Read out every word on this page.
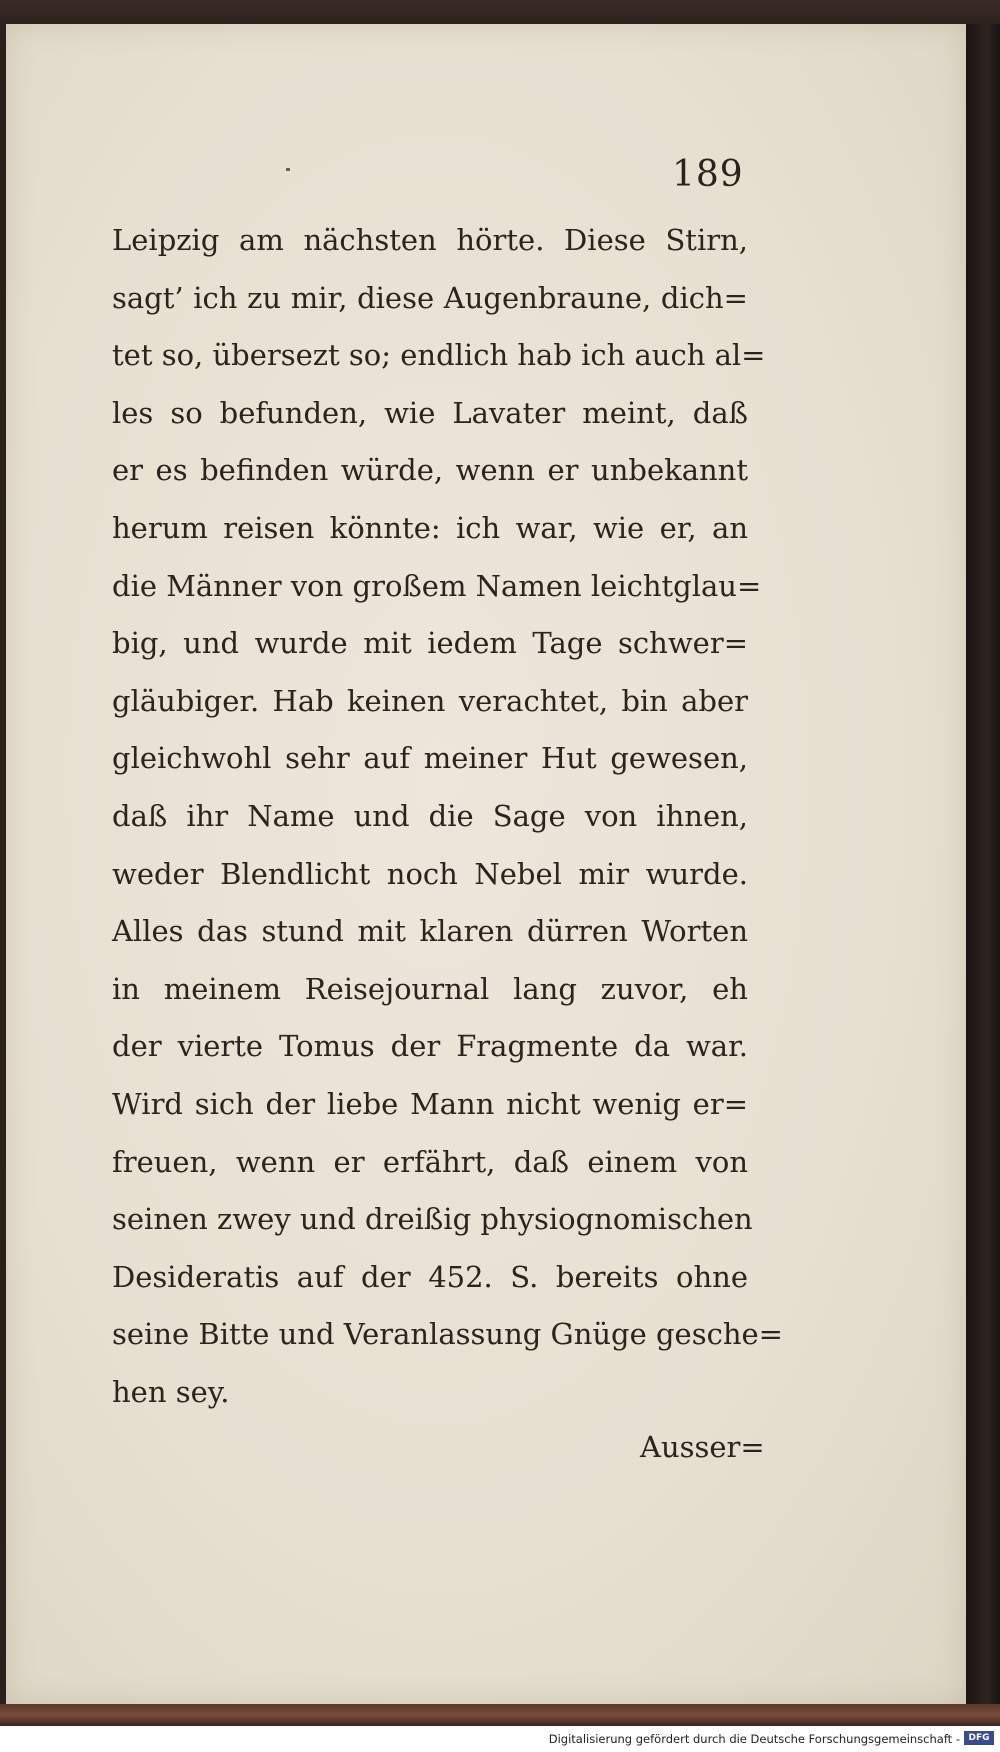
189
Leipzig am nächsten hörte. Diese Stirn,
sagt’ ich zu mir, diese Augenbraune, dich=
tet so, übersezt so; endlich hab ich auch al=
les so befunden, wie Lavater meint, daß
er es befinden würde, wenn er unbekannt
herum reisen könnte: ich war, wie er, an
die Männer von großem Namen leichtglau=
big, und wurde mit iedem Tage schwer=
gläubiger. Hab keinen verachtet, bin aber
gleichwohl sehr auf meiner Hut gewesen,
daß ihr Name und die Sage von ihnen,
weder Blendlicht noch Nebel mir wurde.
Alles das stund mit klaren dürren Worten
in meinem Reisejournal lang zuvor, eh
der vierte Tomus der Fragmente da war.
Wird sich der liebe Mann nicht wenig er=
freuen, wenn er erfährt, daß einem von
seinen zwey und dreißig physiognomischen
Desideratis auf der 452. S. bereits ohne
seine Bitte und Veranlassung Gnüge gesche=
hen sey.
Ausser=
Digitalisierung gefördert durch die Deutsche Forschungsgemeinschaft - DFG
